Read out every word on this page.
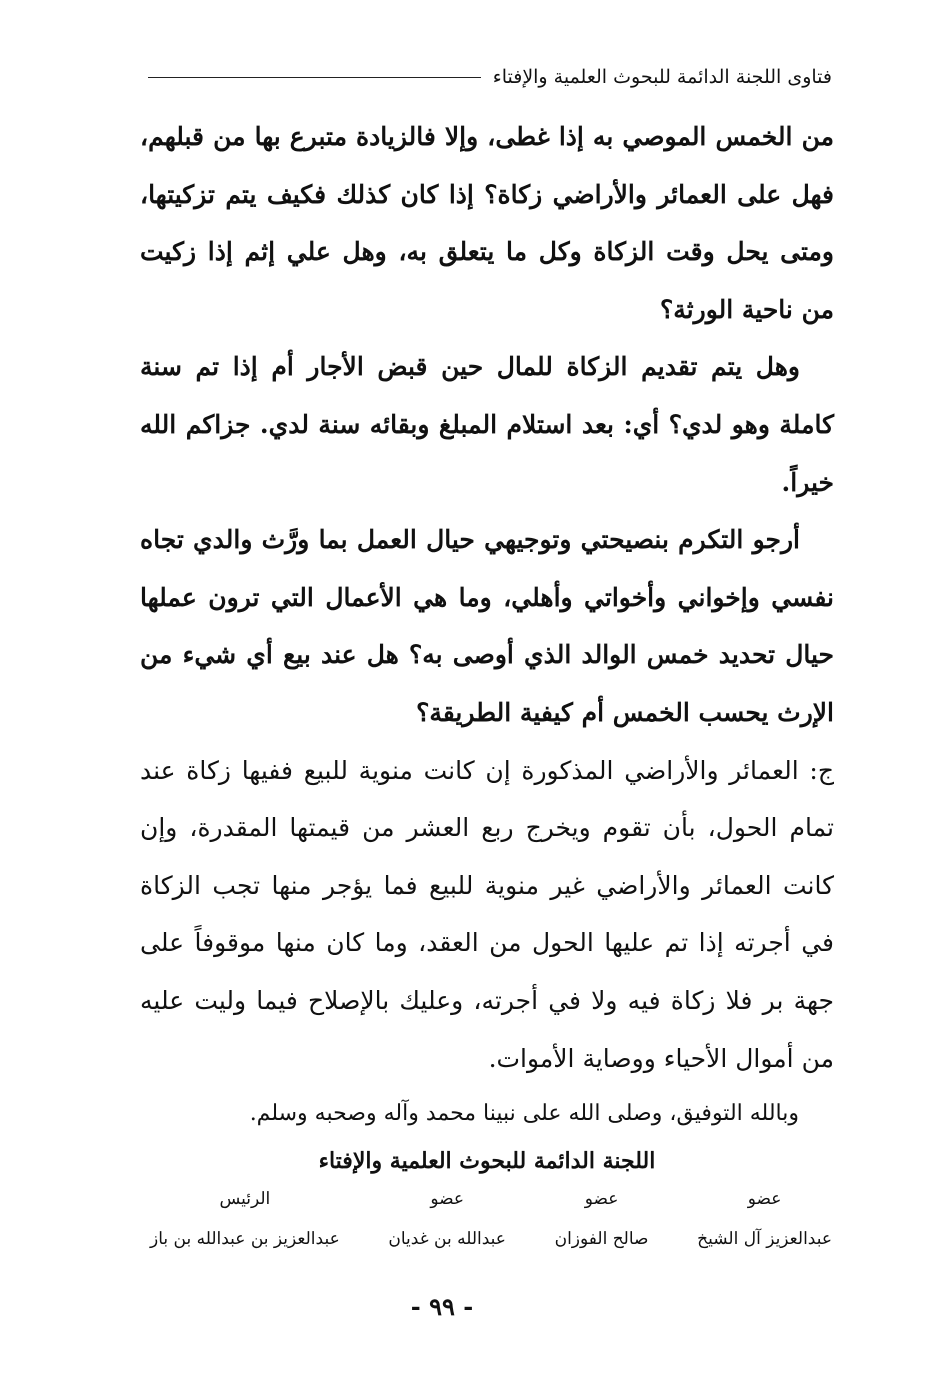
فتاوى اللجنة الدائمة للبحوث العلمية والإفتاء

من الخمس الموصي به إذا غطى، وإلا فالزيادة متبرع بها من قبلهم، فهل على العمائر والأراضي زكاة؟ إذا كان كذلك فكيف يتم تزكيتها، ومتى يحل وقت الزكاة وكل ما يتعلق به، وهل علي إثم إذا زكيت من ناحية الورثة؟

وهل يتم تقديم الزكاة للمال حين قبض الأجار أم إذا تم سنة كاملة وهو لدي؟ أي: بعد استلام المبلغ وبقائه سنة لدي. جزاكم الله خيراً.

أرجو التكرم بنصيحتي وتوجيهي حيال العمل بما ورَّث والدي تجاه نفسي وإخواني وأخواتي وأهلي، وما هي الأعمال التي ترون عملها حيال تحديد خمس الوالد الذي أوصى به؟ هل عند بيع أي شيء من الإرث يحسب الخمس أم كيفية الطريقة؟

ج: العمائر والأراضي المذكورة إن كانت منوية للبيع ففيها زكاة عند تمام الحول، بأن تقوم ويخرج ربع العشر من قيمتها المقدرة، وإن كانت العمائر والأراضي غير منوية للبيع فما يؤجر منها تجب الزكاة في أجرته إذا تم عليها الحول من العقد، وما كان منها موقوفاً على جهة بر فلا زكاة فيه ولا في أجرته، وعليك بالإصلاح فيما وليت عليه من أموال الأحياء ووصاية الأموات.

وبالله التوفيق، وصلى الله على نبينا محمد وآله وصحبه وسلم.
اللجنة الدائمة للبحوث العلمية والإفتاء
عضو
عبدالعزيز آل الشيخ
عضو
صالح الفوزان
عضو
عبدالله بن غديان
الرئيس
عبدالعزيز بن عبدالله بن باز
- ٩٩ -
